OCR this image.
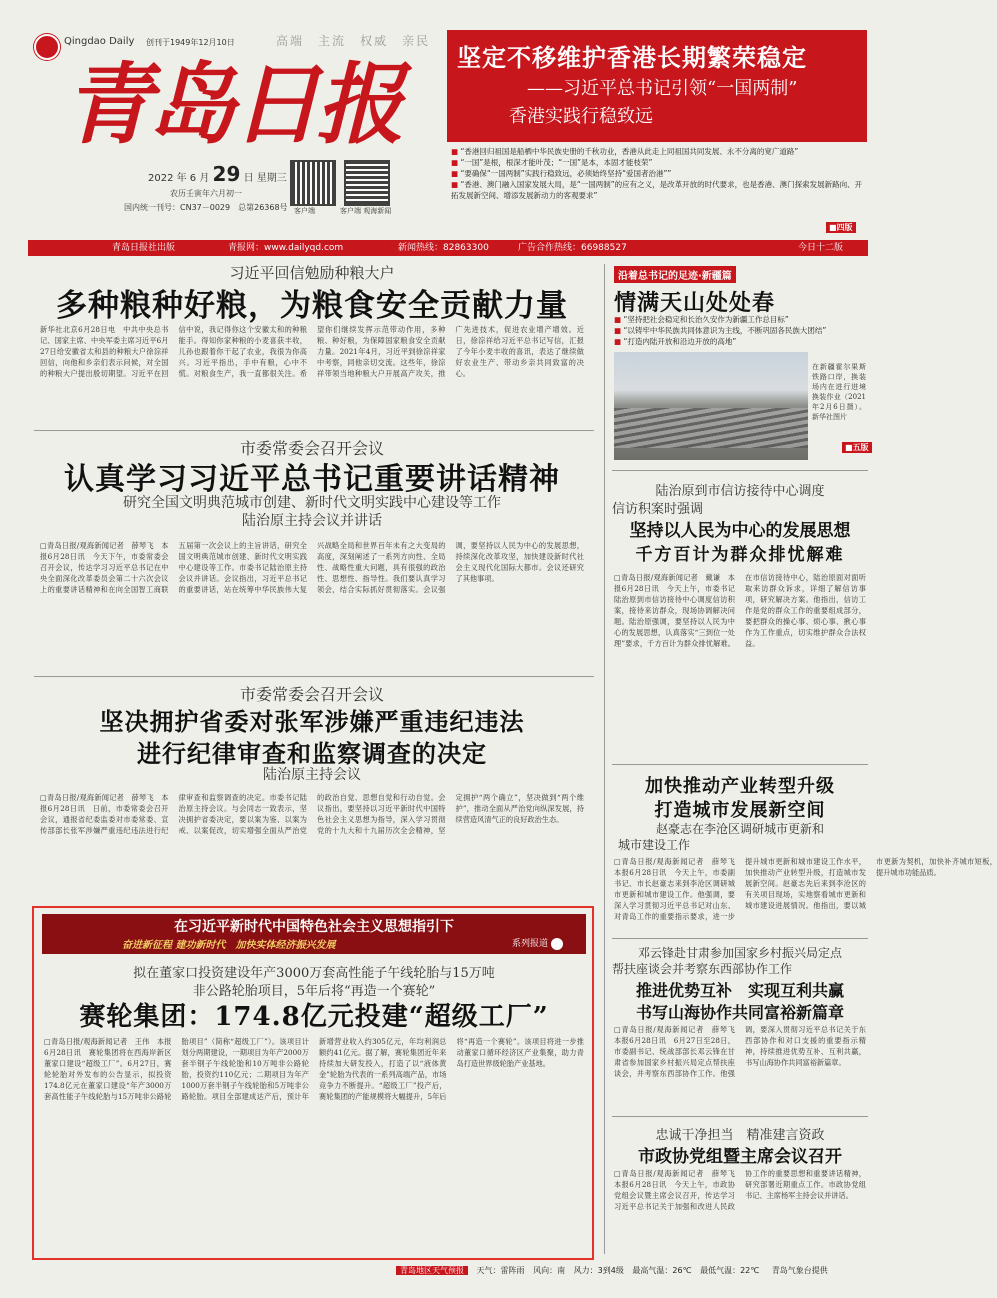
Qingdao Daily 创刊于1949年12月10日	高端　 主流　 权威　 亲民
青岛日报
2022 年 6 月 29 日 星期三
农历壬寅年六月初一
国内统一刊号：CN37－0029　 总第26368号 客户端	客户端 观海新闻
坚定不移维护香港长期繁荣稳定
——习近平总书记引领“一国两制”
香港实践行稳致远
■ “香港回归祖国是船栖中华民族史册的千秋功业，香港从此走上同祖国共同发展、永不分离的宽广道路”
■ “一国”是根，根深才能叶茂；“一国”是本，本固才能枝荣”
■ “要确保“一国两制”实践行稳致远，必须始终坚持“爱国者治港””
■ “香港、澳门融入国家发展大局，是“一国两制”的应有之义，是改革开放的时代要求，也是香港、澳门探索发展新路向、开拓发展新空间、增添发展新动力的客观要求”
■四版
青岛日报社出版	青报网：www.dailyqd.com	新闻热线：82863300	广告合作热线：66988527	今日十二版
习近平回信勉励种粮大户
多种粮种好粮，为粮食安全贡献力量
新华社北京6月28日电　中共中央总书记、国家主席、中央军委主席习近平6月27日给安徽省太和县的种粮大户徐淙祥回信，向他和乡亲们表示问候，对全国的种粮大户提出殷切期望。习近平在回信中说，我记得你这个安徽太和的种粮能手。得知你家种粮的小麦喜获丰收，儿孙也跟着你干起了农业，我很为你高兴。习近平指出，手中有粮，心中不慌。对粮食生产，我一直都很关注。希望你们继续发挥示范带动作用，多种粮、种好粮，为保障国家粮食安全贡献力量。2021年4月，习近平到徐淙祥家中考察，同他亲切交流。这些年，徐淙祥带领当地种粮大户开展高产攻关，推广先进技术，促进农业增产增效。近日，徐淙祥给习近平总书记写信，汇报了今年小麦丰收的喜讯，表达了继续做好农业生产、带动乡亲共同致富的决心。
市委常委会召开会议
认真学习习近平总书记重要讲话精神
研究全国文明典范城市创建、新时代文明实践中心建设等工作
陆治原主持会议并讲话
□青岛日报/观海新闻记者　薛琴飞　本报6月28日讯　今天下午，市委常委会召开会议，传达学习习近平总书记在中央全面深化改革委员会第二十六次会议上的重要讲话精神和在向全国智工商联五届第一次会议上的主旨讲话，研究全国文明典范城市创建、新时代文明实践中心建设等工作。市委书记陆治原主持会议并讲话。会议指出，习近平总书记的重要讲话，站在统筹中华民族伟大复兴战略全局和世界百年未有之大变局的高度，深刻阐述了一系列方向性、全局性、战略性重大问题，具有很强的政治性、思想性、指导性。我们要认真学习领会，结合实际抓好贯彻落实。会议强调，要坚持以人民为中心的发展思想，持续深化改革攻坚，加快建设新时代社会主义现代化国际大都市。会议还研究了其他事项。
市委常委会召开会议
坚决拥护省委对张军涉嫌严重违纪违法
进行纪律审查和监察调查的决定
陆治原主持会议
□青岛日报/观海新闻记者　薛琴飞　本报6月28日讯　日前，市委常委会召开会议，通报省纪委监委对市委常委、宣传部部长张军涉嫌严重违纪违法进行纪律审查和监察调查的决定。市委书记陆治原主持会议。与会同志一致表示，坚决拥护省委决定，要以案为鉴、以案为戒、以案促改，切实增强全面从严治党的政治自觉、思想自觉和行动自觉。会议指出，要坚持以习近平新时代中国特色社会主义思想为指导，深入学习贯彻党的十九大和十九届历次全会精神，坚定拥护“两个确立”，坚决做到“两个维护”，推动全面从严治党向纵深发展，持续营造风清气正的良好政治生态。
在习近平新时代中国特色社会主义思想指引下
奋进新征程 建功新时代　加快实体经济振兴发展	系列报道
拟在董家口投资建设年产3000万套高性能子午线轮胎与15万吨
非公路轮胎项目，5年后将“再造一个赛轮”
赛轮集团：174.8亿元投建“超级工厂”
□青岛日报/观海新闻记者　王伟　本报6月28日讯　赛轮集团将在西海岸新区董家口建设“超级工厂”。6月27日，赛轮轮胎对外发布的公告显示，拟投资174.8亿元在董家口建设“年产3000万套高性能子午线轮胎与15万吨非公路轮胎项目”（简称“超级工厂”）。该项目计划分两期建设，一期项目为年产2000万套半钢子午线轮胎和10万吨非公路轮胎，投资约110亿元；二期项目为年产1000万套半钢子午线轮胎和5万吨非公路轮胎。项目全部建成达产后，预计年新增营业收入约305亿元，年均利润总额约41亿元。据了解，赛轮集团近年来持续加大研发投入，打造了以“液体黄金”轮胎为代表的一系列高端产品，市场竞争力不断提升。“超级工厂”投产后，赛轮集团的产能规模将大幅提升，5年后将“再造一个赛轮”。该项目将进一步推动董家口循环经济区产业集聚，助力青岛打造世界级轮胎产业基地。
沿着总书记的足迹·新疆篇
情满天山处处春
■ “坚持把社会稳定和长治久安作为新疆工作总目标”
■ “以铸牢中华民族共同体意识为主线，不断巩固各民族大团结”
■ “打造内陆开放和沿边开放的高地”
在新疆霍尔果斯铁路口岸，换装场内在进行进境换装作业（2021年2月6日摄）。新华社图片
■五版
陆治原到市信访接待中心调度
信访积案时强调
坚持以人民为中心的发展思想
千方百计为群众排忧解难
□青岛日报/观海新闻记者　戴谦　本报6月28日讯　今天上午，市委书记陆治原到市信访接待中心调度信访积案，接待来访群众，现场协调解决问题。陆治原强调，要坚持以人民为中心的发展思想，认真落实“三到位一处理”要求，千方百计为群众排忧解难。在市信访接待中心，陆治原面对面听取来访群众诉求，详细了解信访事项，研究解决方案。他指出，信访工作是党的群众工作的重要组成部分，要把群众的操心事、烦心事、揪心事作为工作重点，切实维护群众合法权益。
加快推动产业转型升级
打造城市发展新空间
赵豪志在李沧区调研城市更新和
城市建设工作
□青岛日报/观海新闻记者　薛琴飞　本报6月28日讯　今天上午，市委副书记、市长赵豪志来到李沧区调研城市更新和城市建设工作。他强调，要深入学习贯彻习近平总书记对山东、对青岛工作的重要指示要求，进一步提升城市更新和城市建设工作水平，加快推动产业转型升级，打造城市发展新空间。赵豪志先后来到李沧区的有关项目现场，实地察看城市更新和城市建设进展情况。他指出，要以城市更新为契机，加快补齐城市短板，提升城市功能品质。
邓云锋赴甘肃参加国家乡村振兴局定点
帮扶座谈会并考察东西部协作工作
推进优势互补　实现互利共赢
书写山海协作共同富裕新篇章
□青岛日报/观海新闻记者　薛琴飞　本报6月28日讯　6月27日至28日，市委副书记、统战部部长邓云锋在甘肃省参加国家乡村振兴局定点帮扶座谈会，并考察东西部协作工作。他强调，要深入贯彻习近平总书记关于东西部协作和对口支援的重要指示精神，持续推进优势互补、互利共赢，书写山海协作共同富裕新篇章。
忠诚干净担当　精准建言资政
市政协党组暨主席会议召开
□青岛日报/观海新闻记者　薛琴飞　本报6月28日讯　今天上午，市政协党组会议暨主席会议召开，传达学习习近平总书记关于加强和改进人民政协工作的重要思想和重要讲话精神，研究部署近期重点工作。市政协党组书记、主席杨军主持会议并讲话。
青岛地区天气预报 天气：雷阵雨 风向：南 风力：3到4级 最高气温：26℃ 最低气温：22℃ 青岛气象台提供
